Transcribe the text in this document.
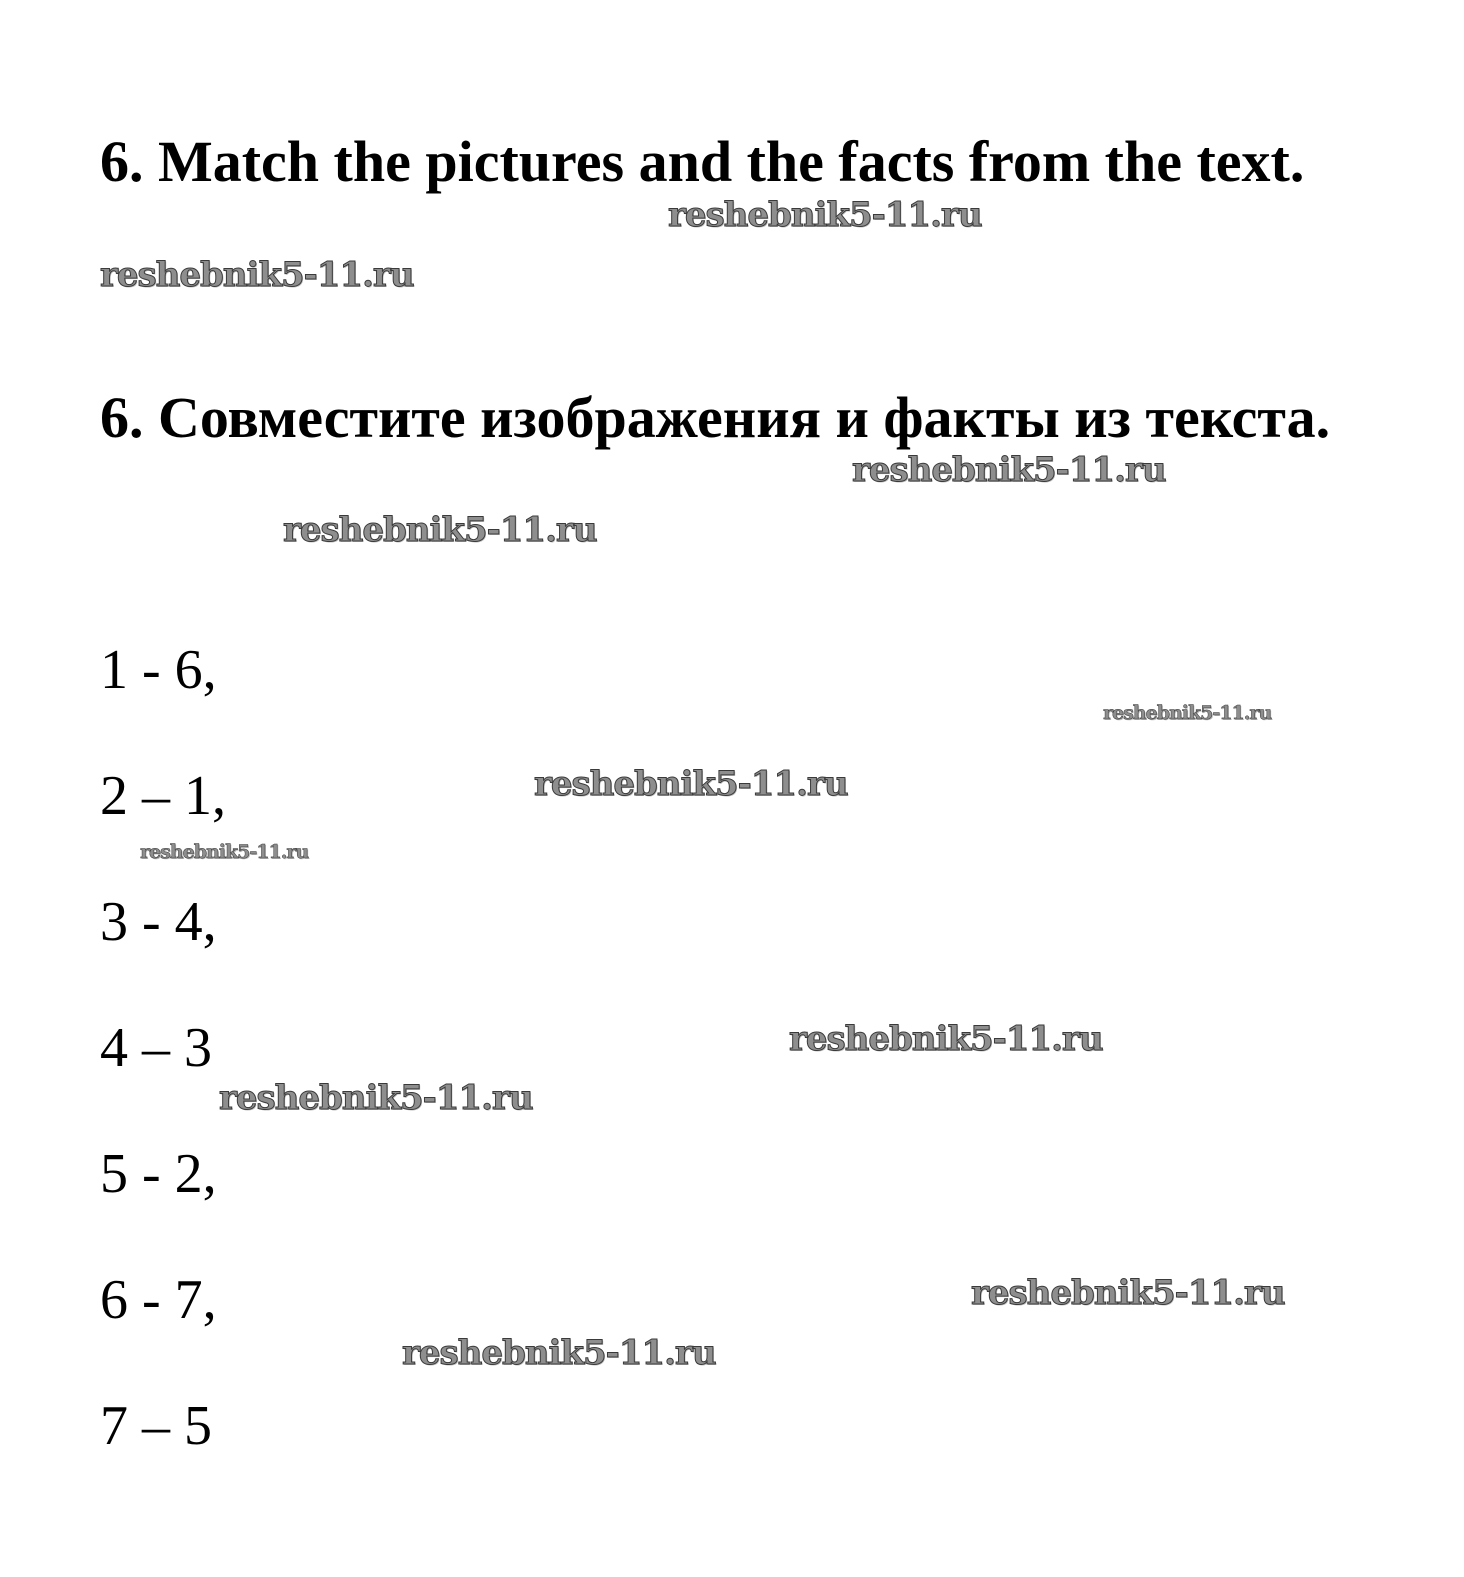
6. Match the pictures and the facts from the text.
6. Совместите изображения и факты из текста.
1 - 6,
2 – 1,
3 - 4,
4 – 3
5 - 2,
6 - 7,
7 – 5
reshebnik5-11.ru
reshebnik5-11.ru
reshebnik5-11.ru
reshebnik5-11.ru
reshebnik5-11.ru
reshebnik5-11.ru
reshebnik5-11.ru
reshebnik5-11.ru
reshebnik5-11.ru
reshebnik5-11.ru
reshebnik5-11.ru
